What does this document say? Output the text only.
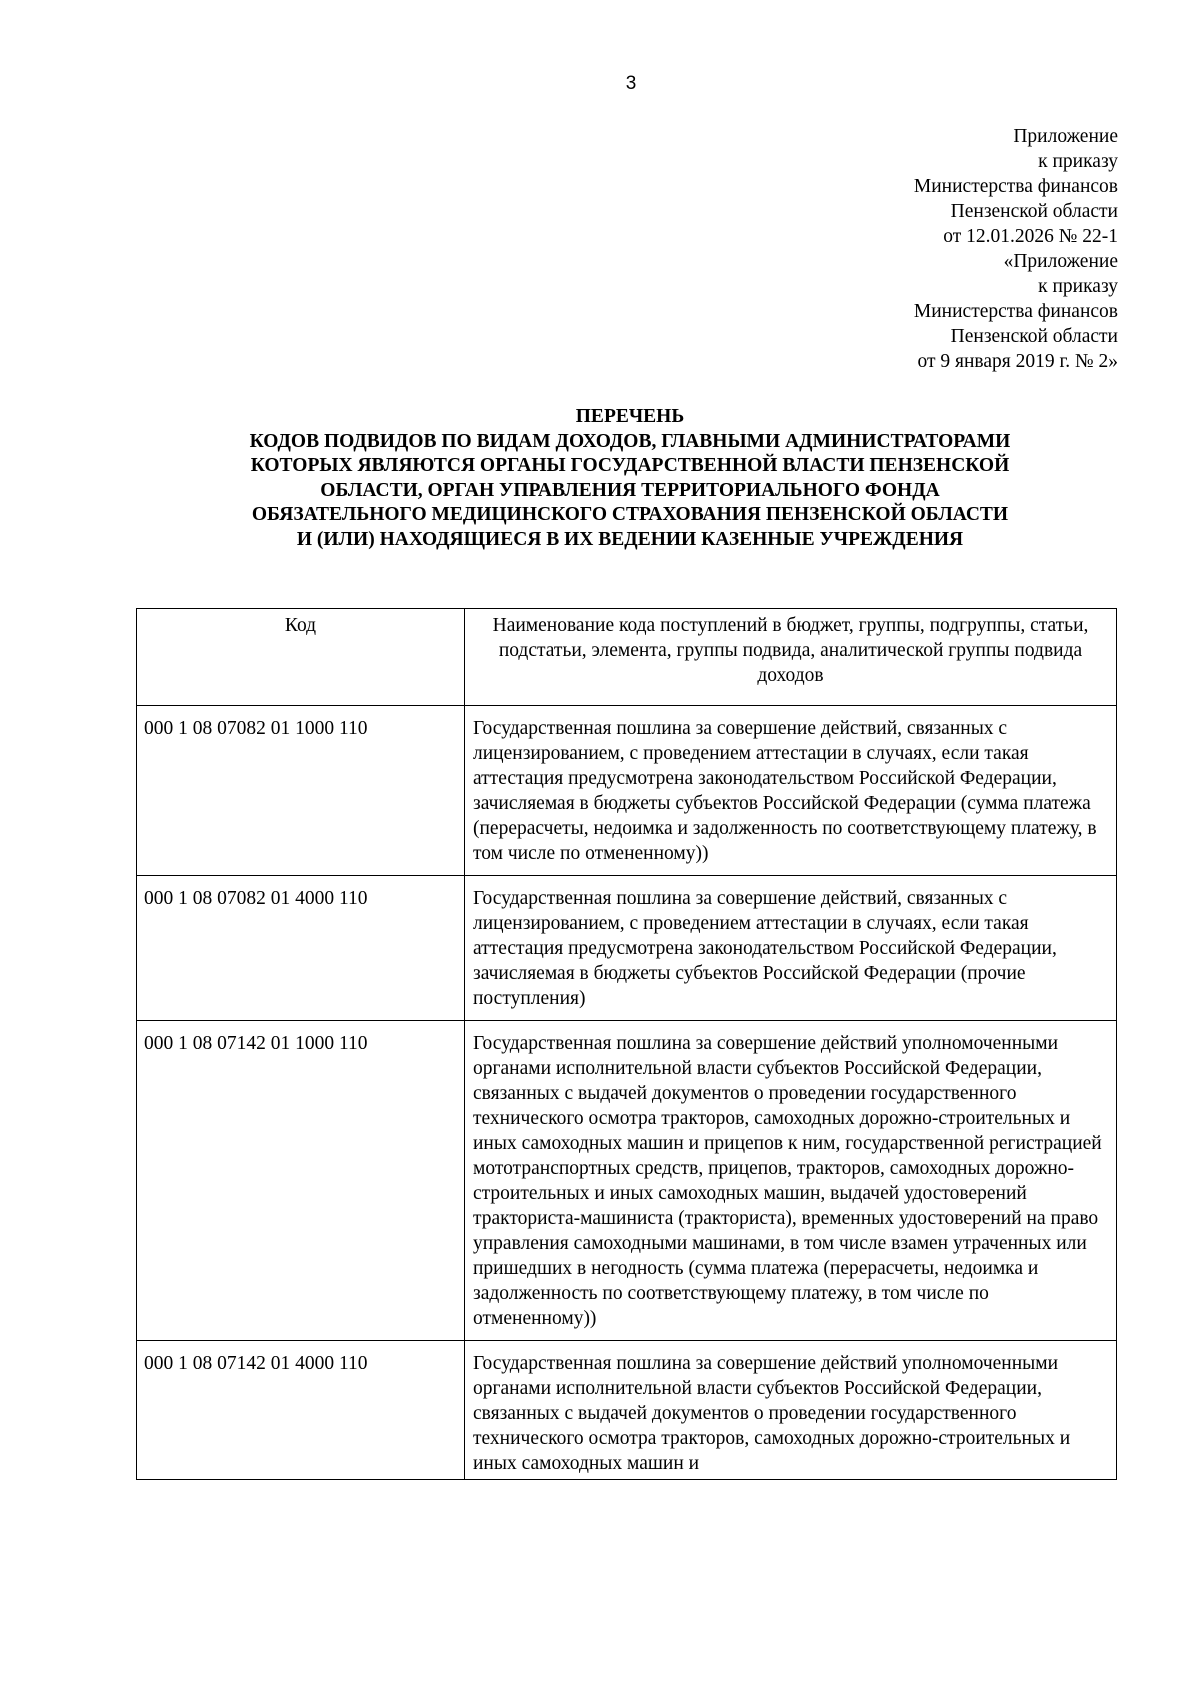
3
Приложение
к приказу
Министерства финансов
Пензенской области
от 12.01.2026 № 22-1
«Приложение
к приказу
Министерства финансов
Пензенской области
от 9 января 2019 г. № 2»
ПЕРЕЧЕНЬ
КОДОВ ПОДВИДОВ ПО ВИДАМ ДОХОДОВ, ГЛАВНЫМИ АДМИНИСТРАТОРАМИ
КОТОРЫХ ЯВЛЯЮТСЯ ОРГАНЫ ГОСУДАРСТВЕННОЙ ВЛАСТИ ПЕНЗЕНСКОЙ
ОБЛАСТИ, ОРГАН УПРАВЛЕНИЯ ТЕРРИТОРИАЛЬНОГО ФОНДА
ОБЯЗАТЕЛЬНОГО МЕДИЦИНСКОГО СТРАХОВАНИЯ ПЕНЗЕНСКОЙ ОБЛАСТИ
И (ИЛИ) НАХОДЯЩИЕСЯ В ИХ ВЕДЕНИИ КАЗЕННЫЕ УЧРЕЖДЕНИЯ
Код	Наименование кода поступлений в бюджет, группы, подгруппы, статьи, подстатьи, элемента, группы подвида, аналитической группы подвида доходов
000 1 08 07082 01 1000 110	Государственная пошлина за совершение действий, связанных с лицензированием, с проведением аттестации в случаях, если такая аттестация предусмотрена законодательством Российской Федерации, зачисляемая в бюджеты субъектов Российской Федерации (сумма платежа (перерасчеты, недоимка и задолженность по соответствующему платежу, в том числе по отмененному))
000 1 08 07082 01 4000 110	Государственная пошлина за совершение действий, связанных с лицензированием, с проведением аттестации в случаях, если такая аттестация предусмотрена законодательством Российской Федерации, зачисляемая в бюджеты субъектов Российской Федерации (прочие поступления)
000 1 08 07142 01 1000 110	Государственная пошлина за совершение действий уполномоченными органами исполнительной власти субъектов Российской Федерации, связанных с выдачей документов о проведении государственного технического осмотра тракторов, самоходных дорожно-строительных и иных самоходных машин и прицепов к ним, государственной регистрацией мототранспортных средств, прицепов, тракторов, самоходных дорожно-строительных и иных самоходных машин, выдачей удостоверений тракториста-машиниста (тракториста), временных удостоверений на право управления самоходными машинами, в том числе взамен утраченных или пришедших в негодность (сумма платежа (перерасчеты, недоимка и задолженность по соответствующему платежу, в том числе по отмененному))
000 1 08 07142 01 4000 110	Государственная пошлина за совершение действий уполномоченными органами исполнительной власти субъектов Российской Федерации, связанных с выдачей документов о проведении государственного технического осмотра тракторов, самоходных дорожно-строительных и иных самоходных машин и
